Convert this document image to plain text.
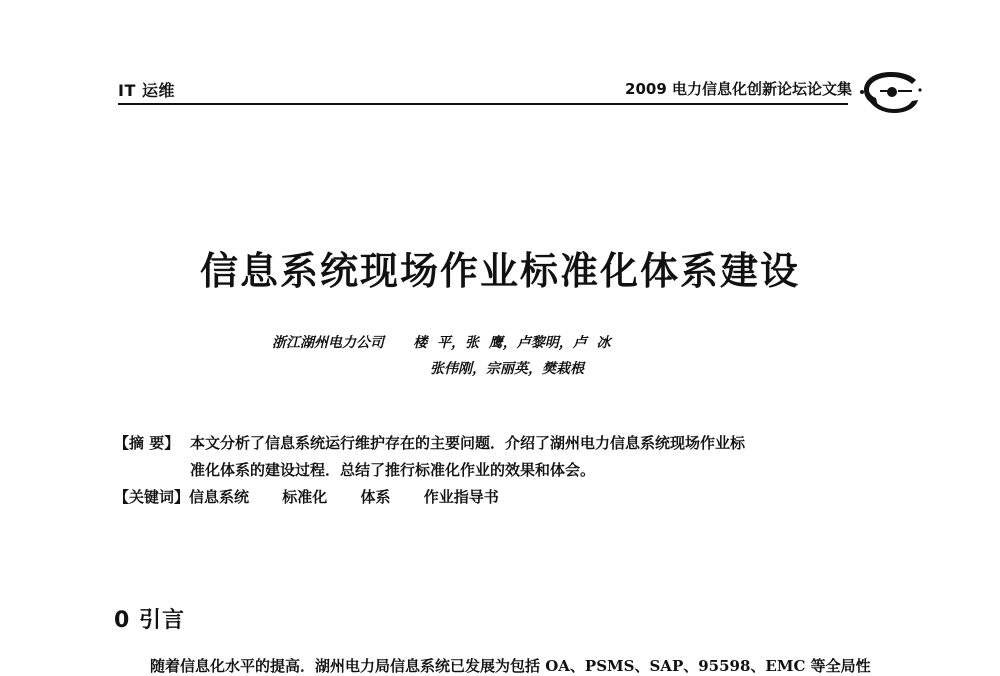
IT 运维	2009 电力信息化创新论坛论文集
信息系统现场作业标准化体系建设
浙江湖州电力公司 楼  平，张  鹰，卢黎明，卢  冰
张伟刚，宗丽英，樊栽根
【摘 要】 本文分析了信息系统运行维护存在的主要问题．介绍了湖州电力信息系统现场作业标
准化体系的建设过程．总结了推行标准化作业的效果和体会。
【关键词】 信息系统 标准化 体系 作业指导书
0 引言
随着信息化水平的提高．湖州电力局信息系统已发展为包括 OA、PSMS、SAP、95598、EMC 等全局性
